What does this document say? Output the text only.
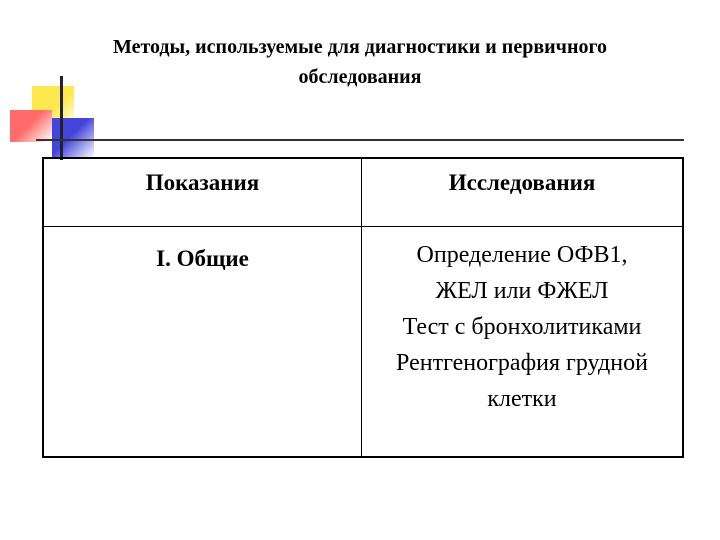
Методы, используемые для диагностики и первичного
обследования
Показания	Исследования
I. Общие	Определение ОФВ1,
ЖЕЛ или ФЖЕЛ
Тест с бронхолитиками
Рентгенография грудной
клетки
